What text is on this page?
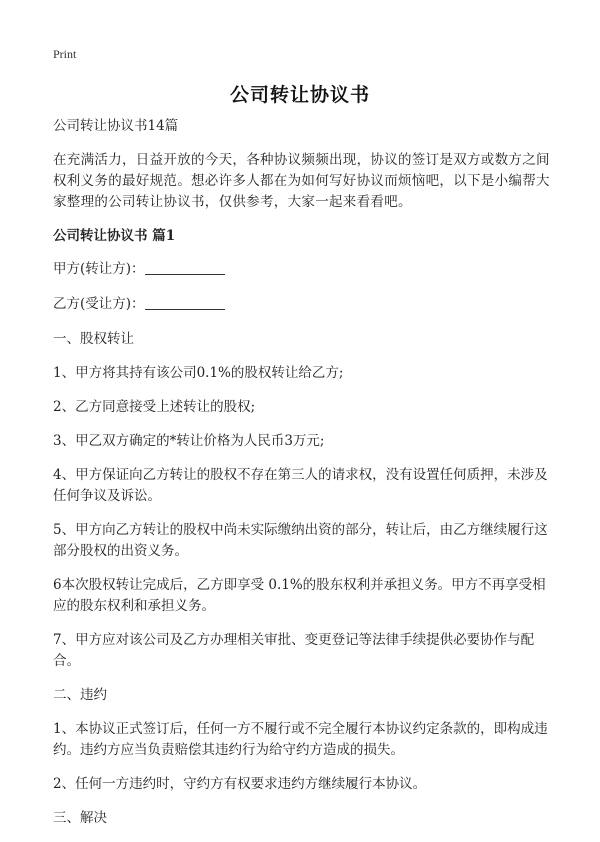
Print
公司转让协议书

公司转让协议书14篇

在充满活力，日益开放的今天，各种协议频频出现，协议的签订是双方或数方之间权利义务的最好规范。想必许多人都在为如何写好协议而烦恼吧，以下是小编帮大家整理的公司转让协议书，仅供参考，大家一起来看看吧。

公司转让协议书 篇1

甲方(转让方)：

乙方(受让方)：

一、股权转让

1、甲方将其持有该公司0.1%的股权转让给乙方;

2、乙方同意接受上述转让的股权;

3、甲乙双方确定的*转让价格为人民币3万元;

4、甲方保证向乙方转让的股权不存在第三人的请求权，没有设置任何质押，未涉及任何争议及诉讼。

5、甲方向乙方转让的股权中尚未实际缴纳出资的部分，转让后，由乙方继续履行这部分股权的出资义务。

6本次股权转让完成后，乙方即享受 0.1%的股东权利并承担义务。甲方不再享受相应的股东权利和承担义务。

7、甲方应对该公司及乙方办理相关审批、变更登记等法律手续提供必要协作与配合。

二、违约

1、本协议正式签订后，任何一方不履行或不完全履行本协议约定条款的，即构成违约。违约方应当负责赔偿其违约行为给守约方造成的损失。

2、任何一方违约时，守约方有权要求违约方继续履行本协议。

三、解决
